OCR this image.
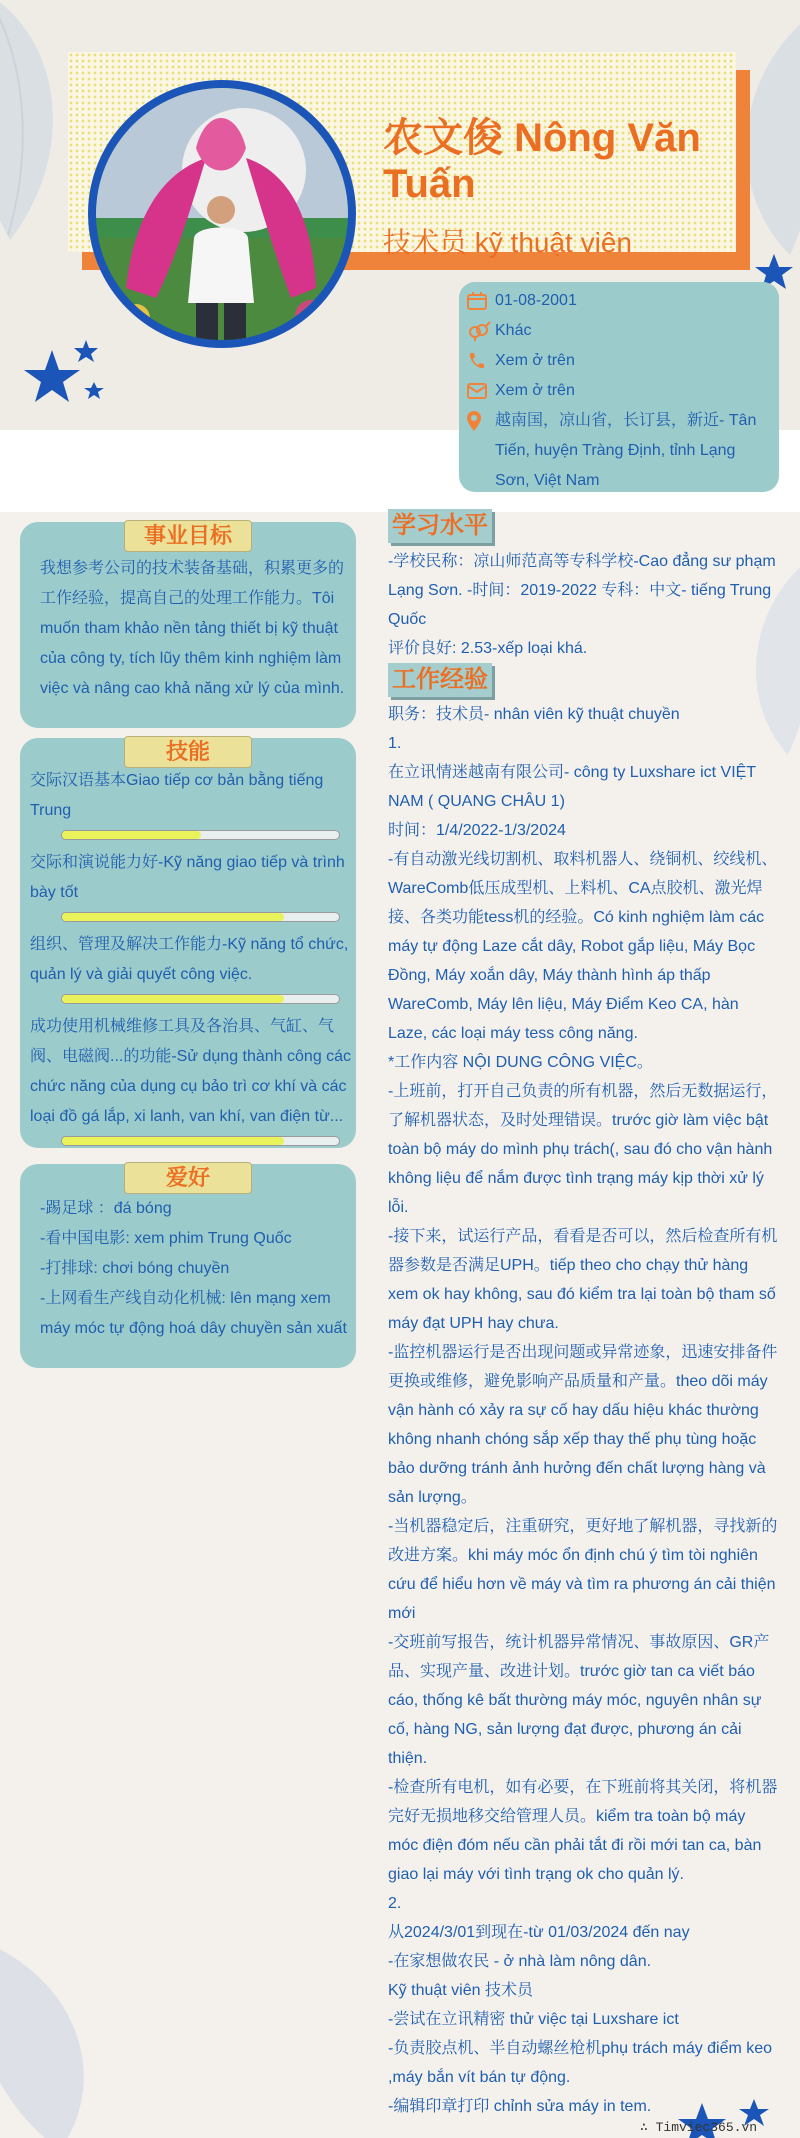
农文俊 Nông Văn Tuấn
技术员 kỹ thuật viên
01-08-2001
Khác
Xem ở trên
Xem ở trên
越南国，凉山省，长订县，新近- Tân Tiến, huyện Tràng Định, tỉnh Lạng Sơn, Việt Nam
事业目标
我想参考公司的技术装备基础，积累更多的工作经验，提高自己的处理工作能力。Tôi muốn tham khảo nền tảng thiết bị kỹ thuật của công ty, tích lũy thêm kinh nghiệm làm việc và nâng cao khả năng xử lý của mình.
技能
交际汉语基本Giao tiếp cơ bản bằng tiếng Trung
交际和演说能力好-Kỹ năng giao tiếp và trình bày tốt
组织、管理及解决工作能力-Kỹ năng tổ chức, quản lý và giải quyết công việc.
成功使用机械维修工具及各治具、气缸、气阀、电磁阀...的功能-Sử dụng thành công các chức năng của dụng cụ bảo trì cơ khí và các loại đồ gá lắp, xi lanh, van khí, van điện từ...
爱好
-踢足球 ：đá bóng
-看中国电影: xem phim Trung Quốc
-打排球: chơi bóng chuyền
-上网看生产线自动化机械: lên mạng xem máy móc tự động hoá dây chuyền sản xuất
学习水平
-学校民称：凉山师范高等专科学校-Cao đẳng sư phạm Lạng Sơn. -时间：2019-2022 专科：中文- tiếng Trung Quốc
评价良好: 2.53-xếp loại khá.
工作经验
职务：技术员- nhân viên kỹ thuật chuyền
1.
在立讯情迷越南有限公司- công ty Luxshare ict VIỆT NAM ( QUANG CHÂU 1)
时间：1/4/2022-1/3/2024
-有自动激光线切割机、取料机器人、绕铜机、绞线机、WareComb低压成型机、上料机、CA点胶机、激光焊接、各类功能tess机的经验。Có kinh nghiệm làm các máy tự động Laze cắt dây, Robot gắp liệu, Máy Bọc Đồng, Máy xoắn dây, Máy thành hình áp thấp WareComb, Máy lên liệu, Máy Điểm Keo CA, hàn Laze, các loại máy tess công năng.
*工作内容 NỘI DUNG CÔNG VIỆC。
-上班前，打开自己负责的所有机器，然后无数据运行，了解机器状态，及时处理错误。trước giờ làm việc bật toàn bộ máy do mình phụ trách(, sau đó cho vận hành không liệu để nắm được tình trạng máy kịp thời xử lý lỗi.
-接下来，试运行产品，看看是否可以，然后检查所有机器参数是否满足UPH。tiếp theo cho chạy thử hàng xem ok hay không, sau đó kiểm tra lại toàn bộ tham số máy đạt UPH hay chưa.
-监控机器运行是否出现问题或异常迹象，迅速安排备件更换或维修，避免影响产品质量和产量。theo dõi máy vận hành có xảy ra sự cố hay dấu hiệu khác thường không nhanh chóng sắp xếp thay thế phụ tùng hoặc bảo dưỡng tránh ảnh hưởng đến chất lượng hàng và sản lượng。
-当机器稳定后，注重研究，更好地了解机器，寻找新的改进方案。khi máy móc ổn định chú ý tìm tòi nghiên cứu để hiểu hơn về máy và tìm ra phương án cải thiện mới
-交班前写报告，统计机器异常情况、事故原因、GR产品、实现产量、改进计划。trước giờ tan ca viết báo cáo, thống kê bất thường máy móc, nguyên nhân sự cố, hàng NG, sản lượng đạt được, phương án cải thiện.
-检查所有电机，如有必要，在下班前将其关闭，将机器完好无损地移交给管理人员。kiểm tra toàn bộ máy móc điện đóm nếu cần phải tắt đi rồi mới tan ca, bàn giao lại máy với tình trạng ok cho quản lý.
2.
从2024/3/01到现在-từ 01/03/2024 đến nay
-在家想做农民 - ở nhà làm nông dân.
Kỹ thuật viên 技术员
-尝试在立讯精密 thử việc tại Luxshare ict
-负责胶点机、半自动螺丝枪机phụ trách máy điểm keo ,máy bắn vít bán tự động.
-编辑印章打印 chỉnh sửa máy in tem.
∴ Timviec365.vn
